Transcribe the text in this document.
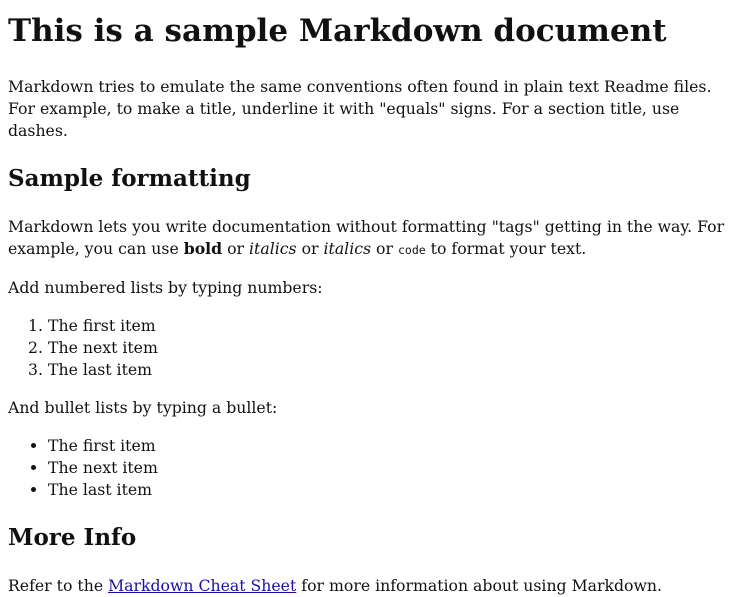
This is a sample Markdown document

Markdown tries to emulate the same conventions often found in plain text Readme files. For example, to make a title, underline it with "equals" signs. For a section title, use dashes.

Sample formatting

Markdown lets you write documentation without formatting "tags" getting in the way. For example, you can use bold or italics or italics or code to format your text.

Add numbered lists by typing numbers:

1. The first item
2. The next item
3. The last item

And bullet lists by typing a bullet:

• The first item
• The next item
• The last item
More Info

Refer to the Markdown Cheat Sheet for more information about using Markdown.
